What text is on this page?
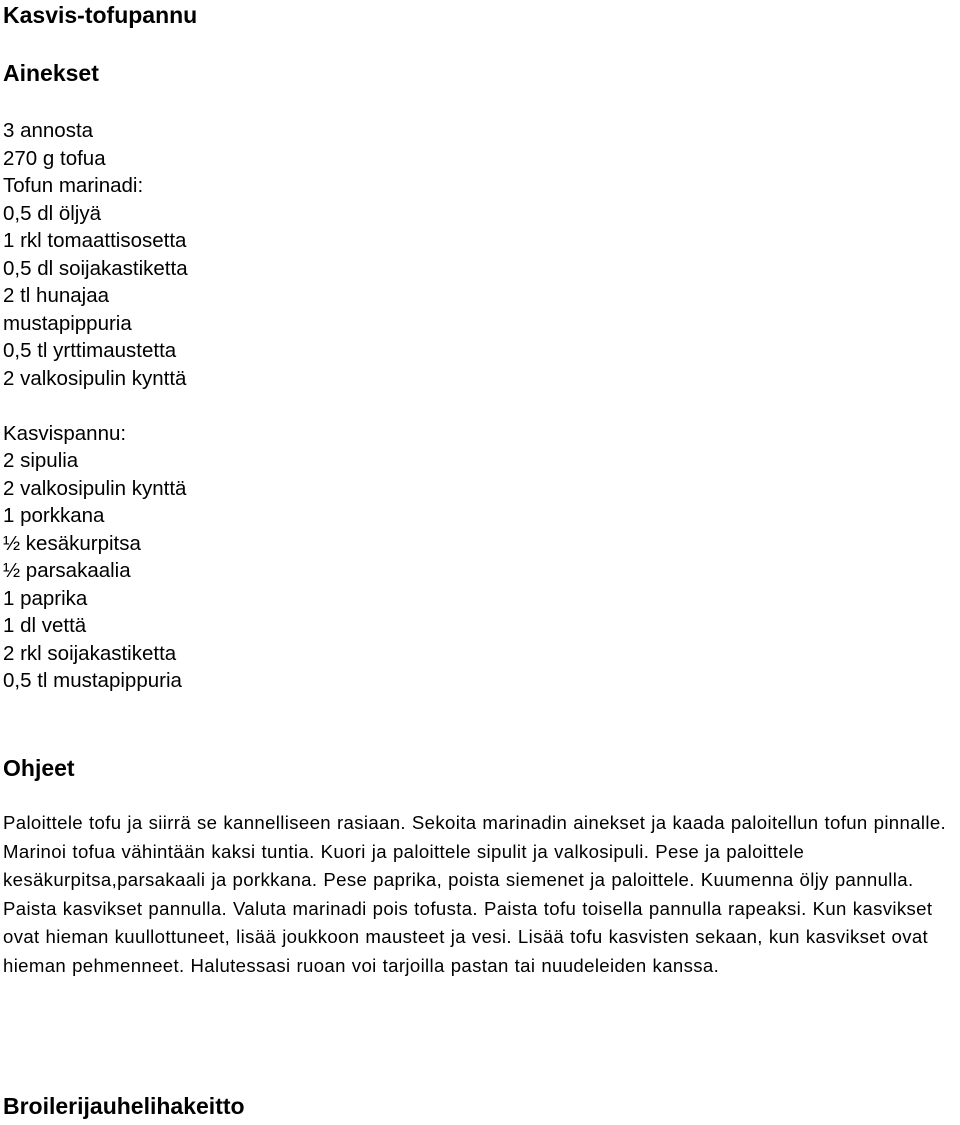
Kasvis-tofupannu
Ainekset
3 annosta
270 g tofua
Tofun marinadi:
0,5 dl öljyä
1 rkl tomaattisosetta
0,5 dl soijakastiketta
2 tl hunajaa
mustapippuria
0,5 tl yrttimaustetta
2 valkosipulin kynttä
Kasvispannu:
2 sipulia
2 valkosipulin kynttä
1 porkkana
½ kesäkurpitsa
½ parsakaalia
1 paprika
1 dl vettä
2 rkl soijakastiketta
0,5 tl mustapippuria
Ohjeet

Paloittele tofu ja siirrä se kannelliseen rasiaan. Sekoita marinadin ainekset ja kaada paloitellun tofun pinnalle. Marinoi tofua vähintään kaksi tuntia. Kuori ja paloittele sipulit ja valkosipuli. Pese ja paloittele kesäkurpitsa,parsakaali ja porkkana. Pese paprika, poista siemenet ja paloittele. Kuumenna öljy pannulla. Paista kasvikset pannulla. Valuta marinadi pois tofusta. Paista tofu toisella pannulla rapeaksi. Kun kasvikset ovat hieman kuullottuneet, lisää joukkoon mausteet ja vesi. Lisää tofu kasvisten sekaan, kun kasvikset ovat hieman pehmenneet. Halutessasi ruoan voi tarjoilla pastan tai nuudeleiden kanssa.

Broilerijauhelihakeitto
